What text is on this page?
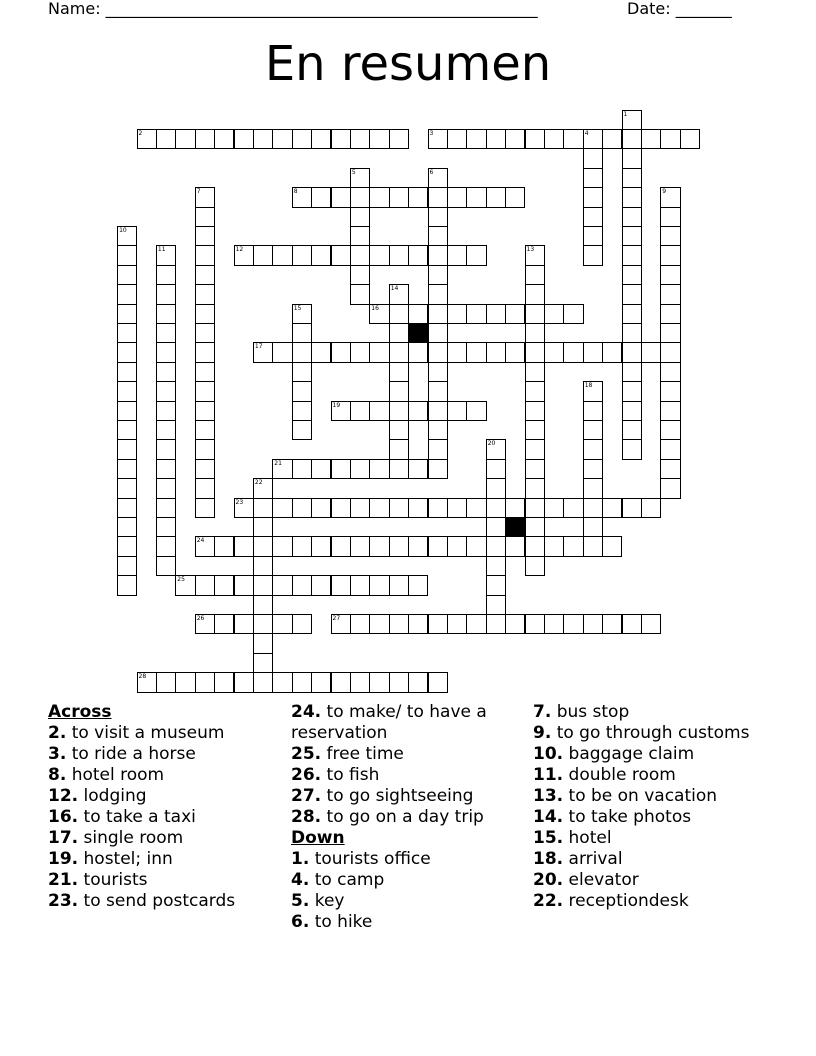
Name: ______________________________________________________	Date: _______
En resumen
2	3	4
8
12
16
17
19
21
23
24
25
26	27
28
1
5	6
7	9
10
11	13
14
15
18
20
22
Across
2. to visit a museum
3. to ride a horse
8. hotel room
12. lodging
16. to take a taxi
17. single room
19. hostel; inn
21. tourists
23. to send postcards
24. to make/ to have a reservation
25. free time
26. to fish
27. to go sightseeing
28. to go on a day trip
Down
1. tourists office
4. to camp
5. key
6. to hike
7. bus stop
9. to go through customs
10. baggage claim
11. double room
13. to be on vacation
14. to take photos
15. hotel
18. arrival
20. elevator
22. receptiondesk
